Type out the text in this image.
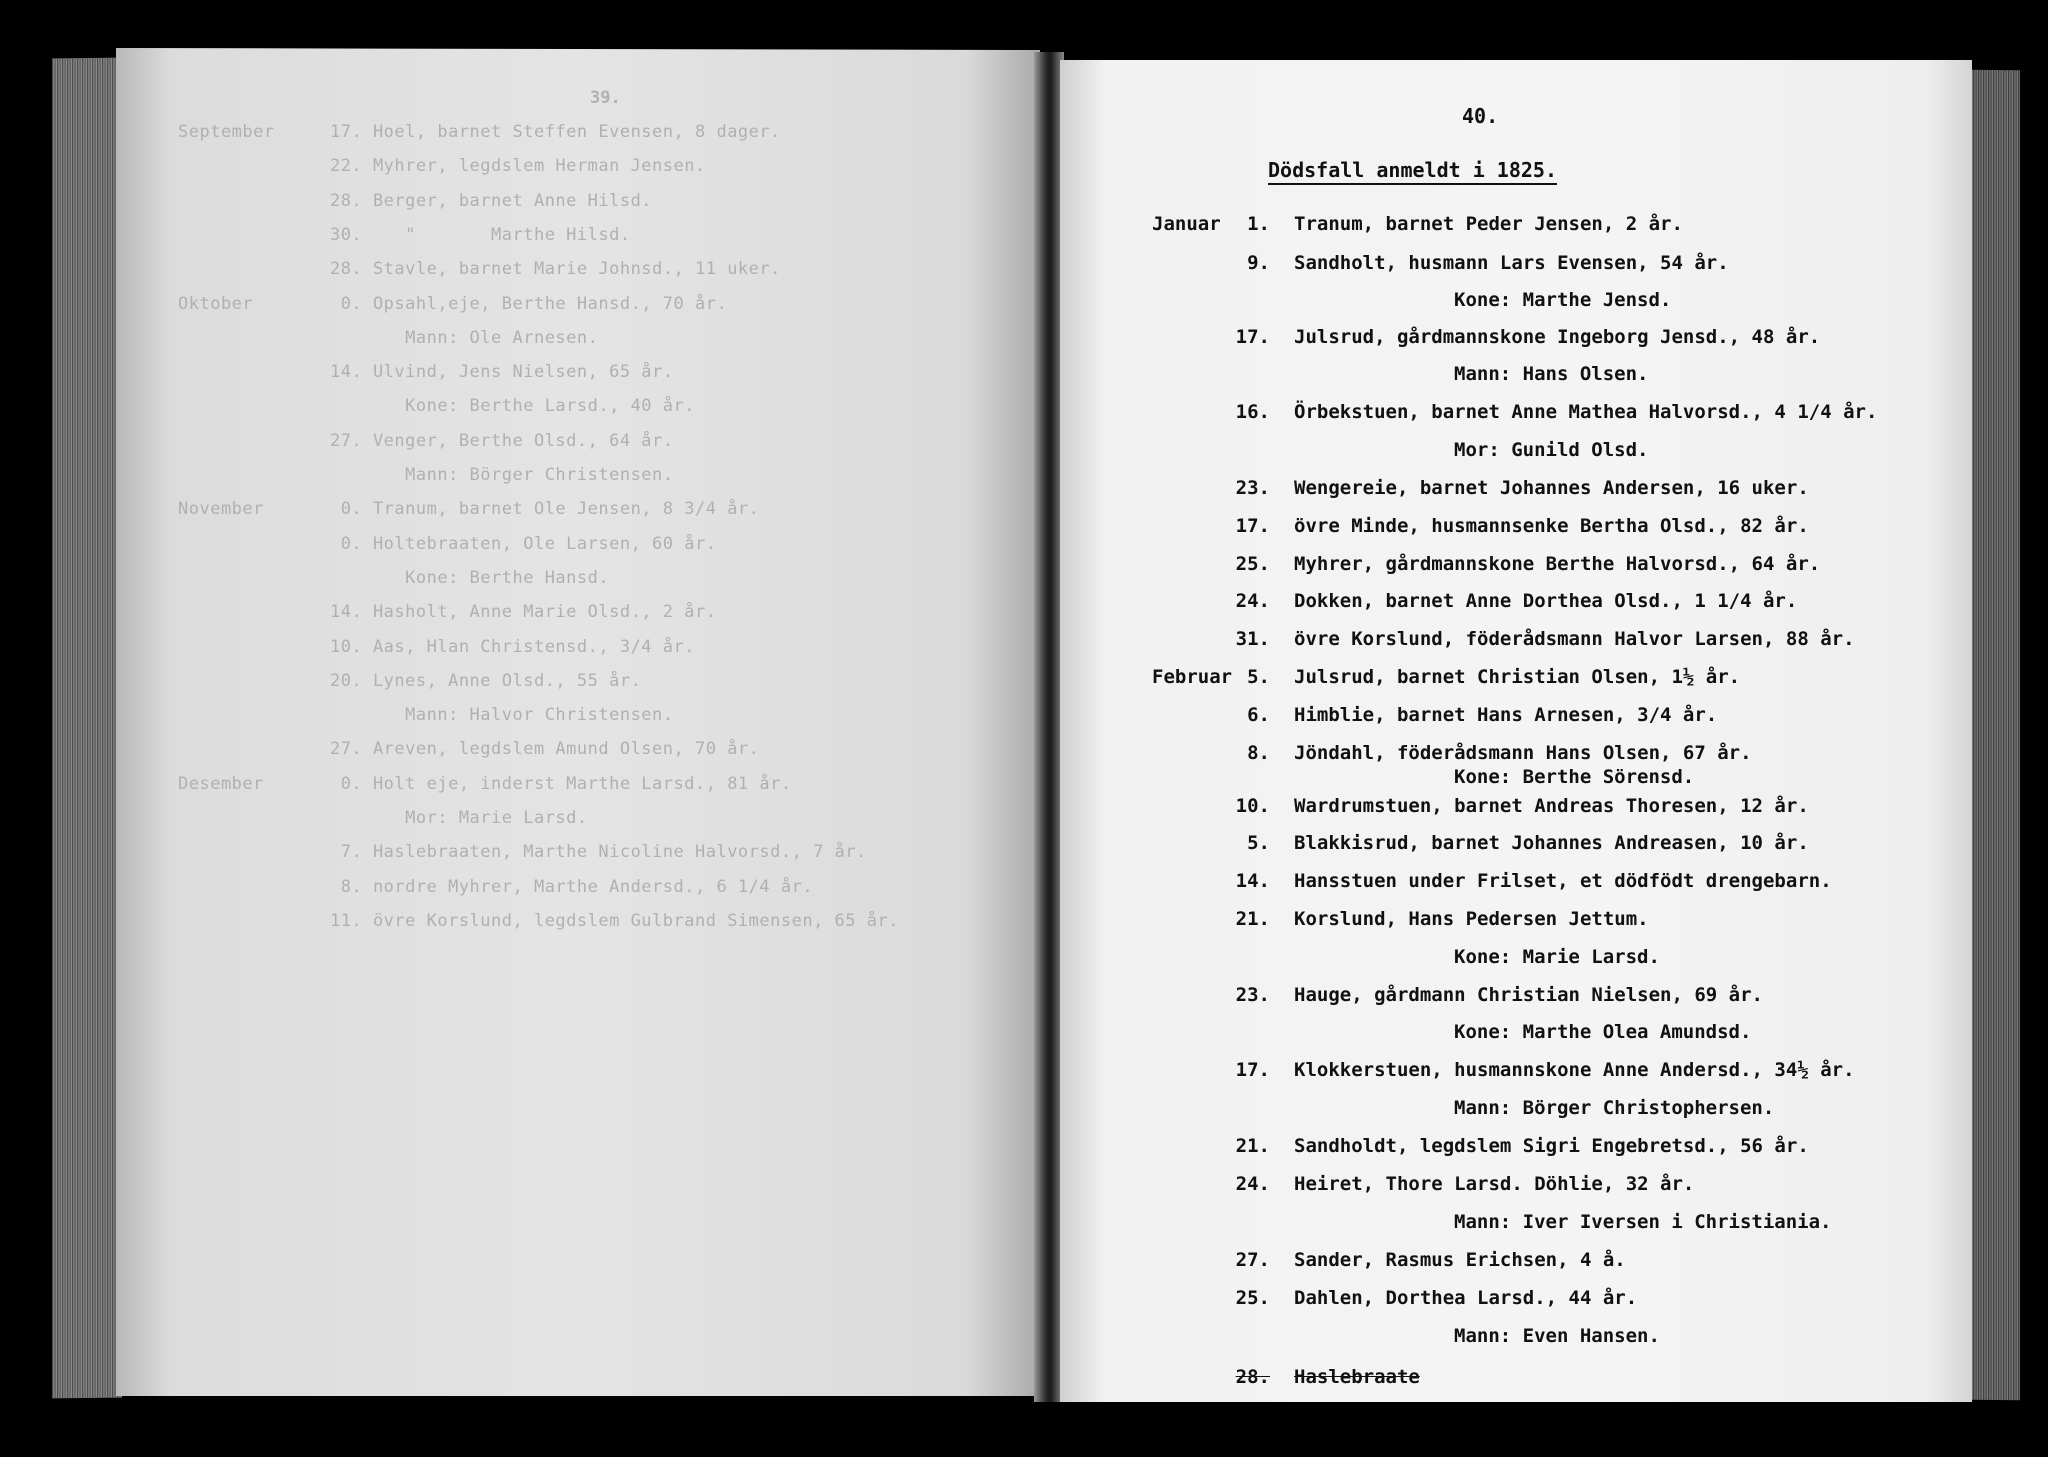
39.
September	17. Hoel, barnet Steffen Evensen, 8 dager.
22. Myhrer, legdslem Herman Jensen.
28. Berger, barnet Anne Hilsd.
30.    "       Marthe Hilsd.
28. Stavle, barnet Marie Johnsd., 11 uker.
Oktober	0. Opsahl,eje, Berthe Hansd., 70 år.
Mann: Ole Arnesen.
14. Ulvind, Jens Nielsen, 65 år.
Kone: Berthe Larsd., 40 år.
27. Venger, Berthe Olsd., 64 år.
Mann: Börger Christensen.
November	0. Tranum, barnet Ole Jensen, 8 3/4 år.
0. Holtebraaten, Ole Larsen, 60 år.
Kone: Berthe Hansd.
14. Hasholt, Anne Marie Olsd., 2 år.
10. Aas, Hlan Christensd., 3/4 år.
20. Lynes, Anne Olsd., 55 år.
Mann: Halvor Christensen.
27. Areven, legdslem Amund Olsen, 70 år.
Desember	0. Holt eje, inderst Marthe Larsd., 81 år.
Mor: Marie Larsd.
7. Haslebraaten, Marthe Nicoline Halvorsd., 7 år.
8. nordre Myhrer, Marthe Andersd., 6 1/4 år.
11. övre Korslund, legdslem Gulbrand Simensen, 65 år.
40.
Dödsfall anmeldt i 1825.
Januar	1. Tranum, barnet Peder Jensen, 2 år.
9. Sandholt, husmann Lars Evensen, 54 år.
Kone: Marthe Jensd.
17. Julsrud, gårdmannskone Ingeborg Jensd., 48 år.
Mann: Hans Olsen.
16. Örbekstuen, barnet Anne Mathea Halvorsd., 4 1/4 år.
Mor: Gunild Olsd.
23. Wengereie, barnet Johannes Andersen, 16 uker.
17. övre Minde, husmannsenke Bertha Olsd., 82 år.
25. Myhrer, gårdmannskone Berthe Halvorsd., 64 år.
24. Dokken, barnet Anne Dorthea Olsd., 1 1/4 år.
31. övre Korslund, föderådsmann Halvor Larsen, 88 år.
Februar 5. Julsrud, barnet Christian Olsen, 1½ år.
6. Himblie, barnet Hans Arnesen, 3/4 år.
8. Jöndahl, föderådsmann Hans Olsen, 67 år.
Kone: Berthe Sörensd.
10. Wardrumstuen, barnet Andreas Thoresen, 12 år.
5. Blakkisrud, barnet Johannes Andreasen, 10 år.
14. Hansstuen under Frilset, et dödfödt drengebarn.
21. Korslund, Hans Pedersen Jettum.
Kone: Marie Larsd.
23. Hauge, gårdmann Christian Nielsen, 69 år.
Kone: Marthe Olea Amundsd.
17. Klokkerstuen, husmannskone Anne Andersd., 34½ år.
Mann: Börger Christophersen.
21. Sandholdt, legdslem Sigri Engebretsd., 56 år.
24. Heiret, Thore Larsd. Döhlie, 32 år.
Mann: Iver Iversen i Christiania.
27. Sander, Rasmus Erichsen, 4 å.
25. Dahlen, Dorthea Larsd., 44 år.
Mann: Even Hansen.
28. Haslebraate
